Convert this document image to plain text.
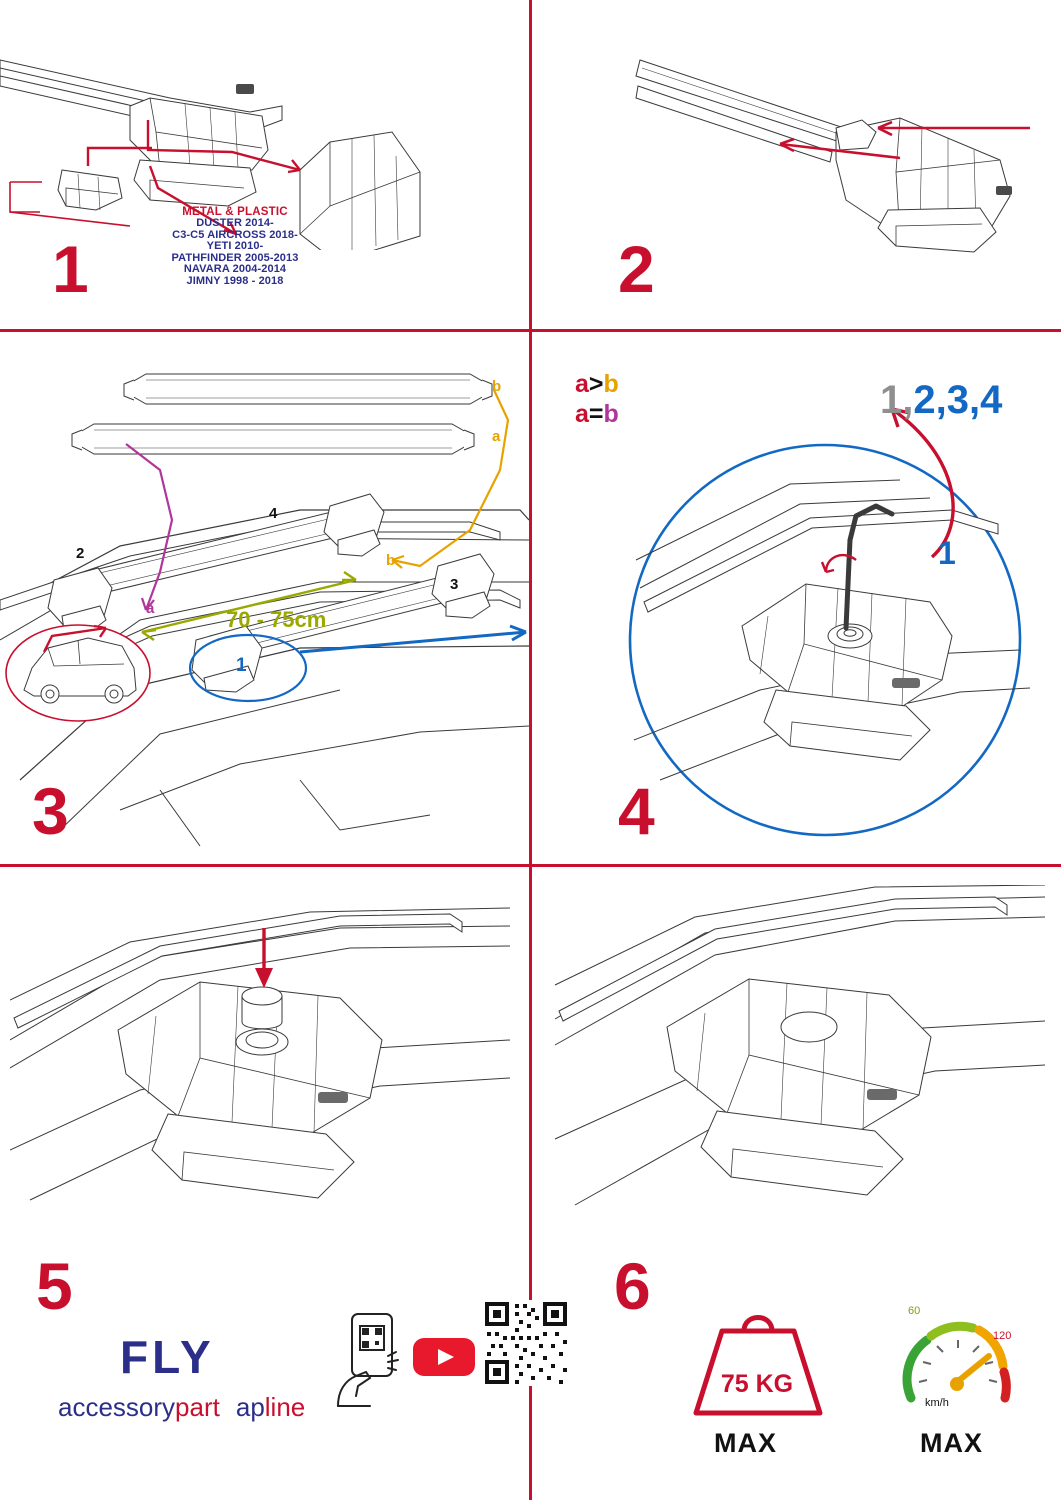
1
METAL & PLASTIC
DUSTER 2014-
C3-C5 AIRCROSS 2018-
YETI 2010-
PATHFINDER 2005-2013
NAVARA 2004-2014
JIMNY 1998 - 2018	2
3
a>b
a=b
2
3
4
b
a
b
a	70 - 75cm
1
1,2,3,4
1
4
5
FLY
accessorypart apline
6
75 KG
MAX
60
120
km/h
MAX
